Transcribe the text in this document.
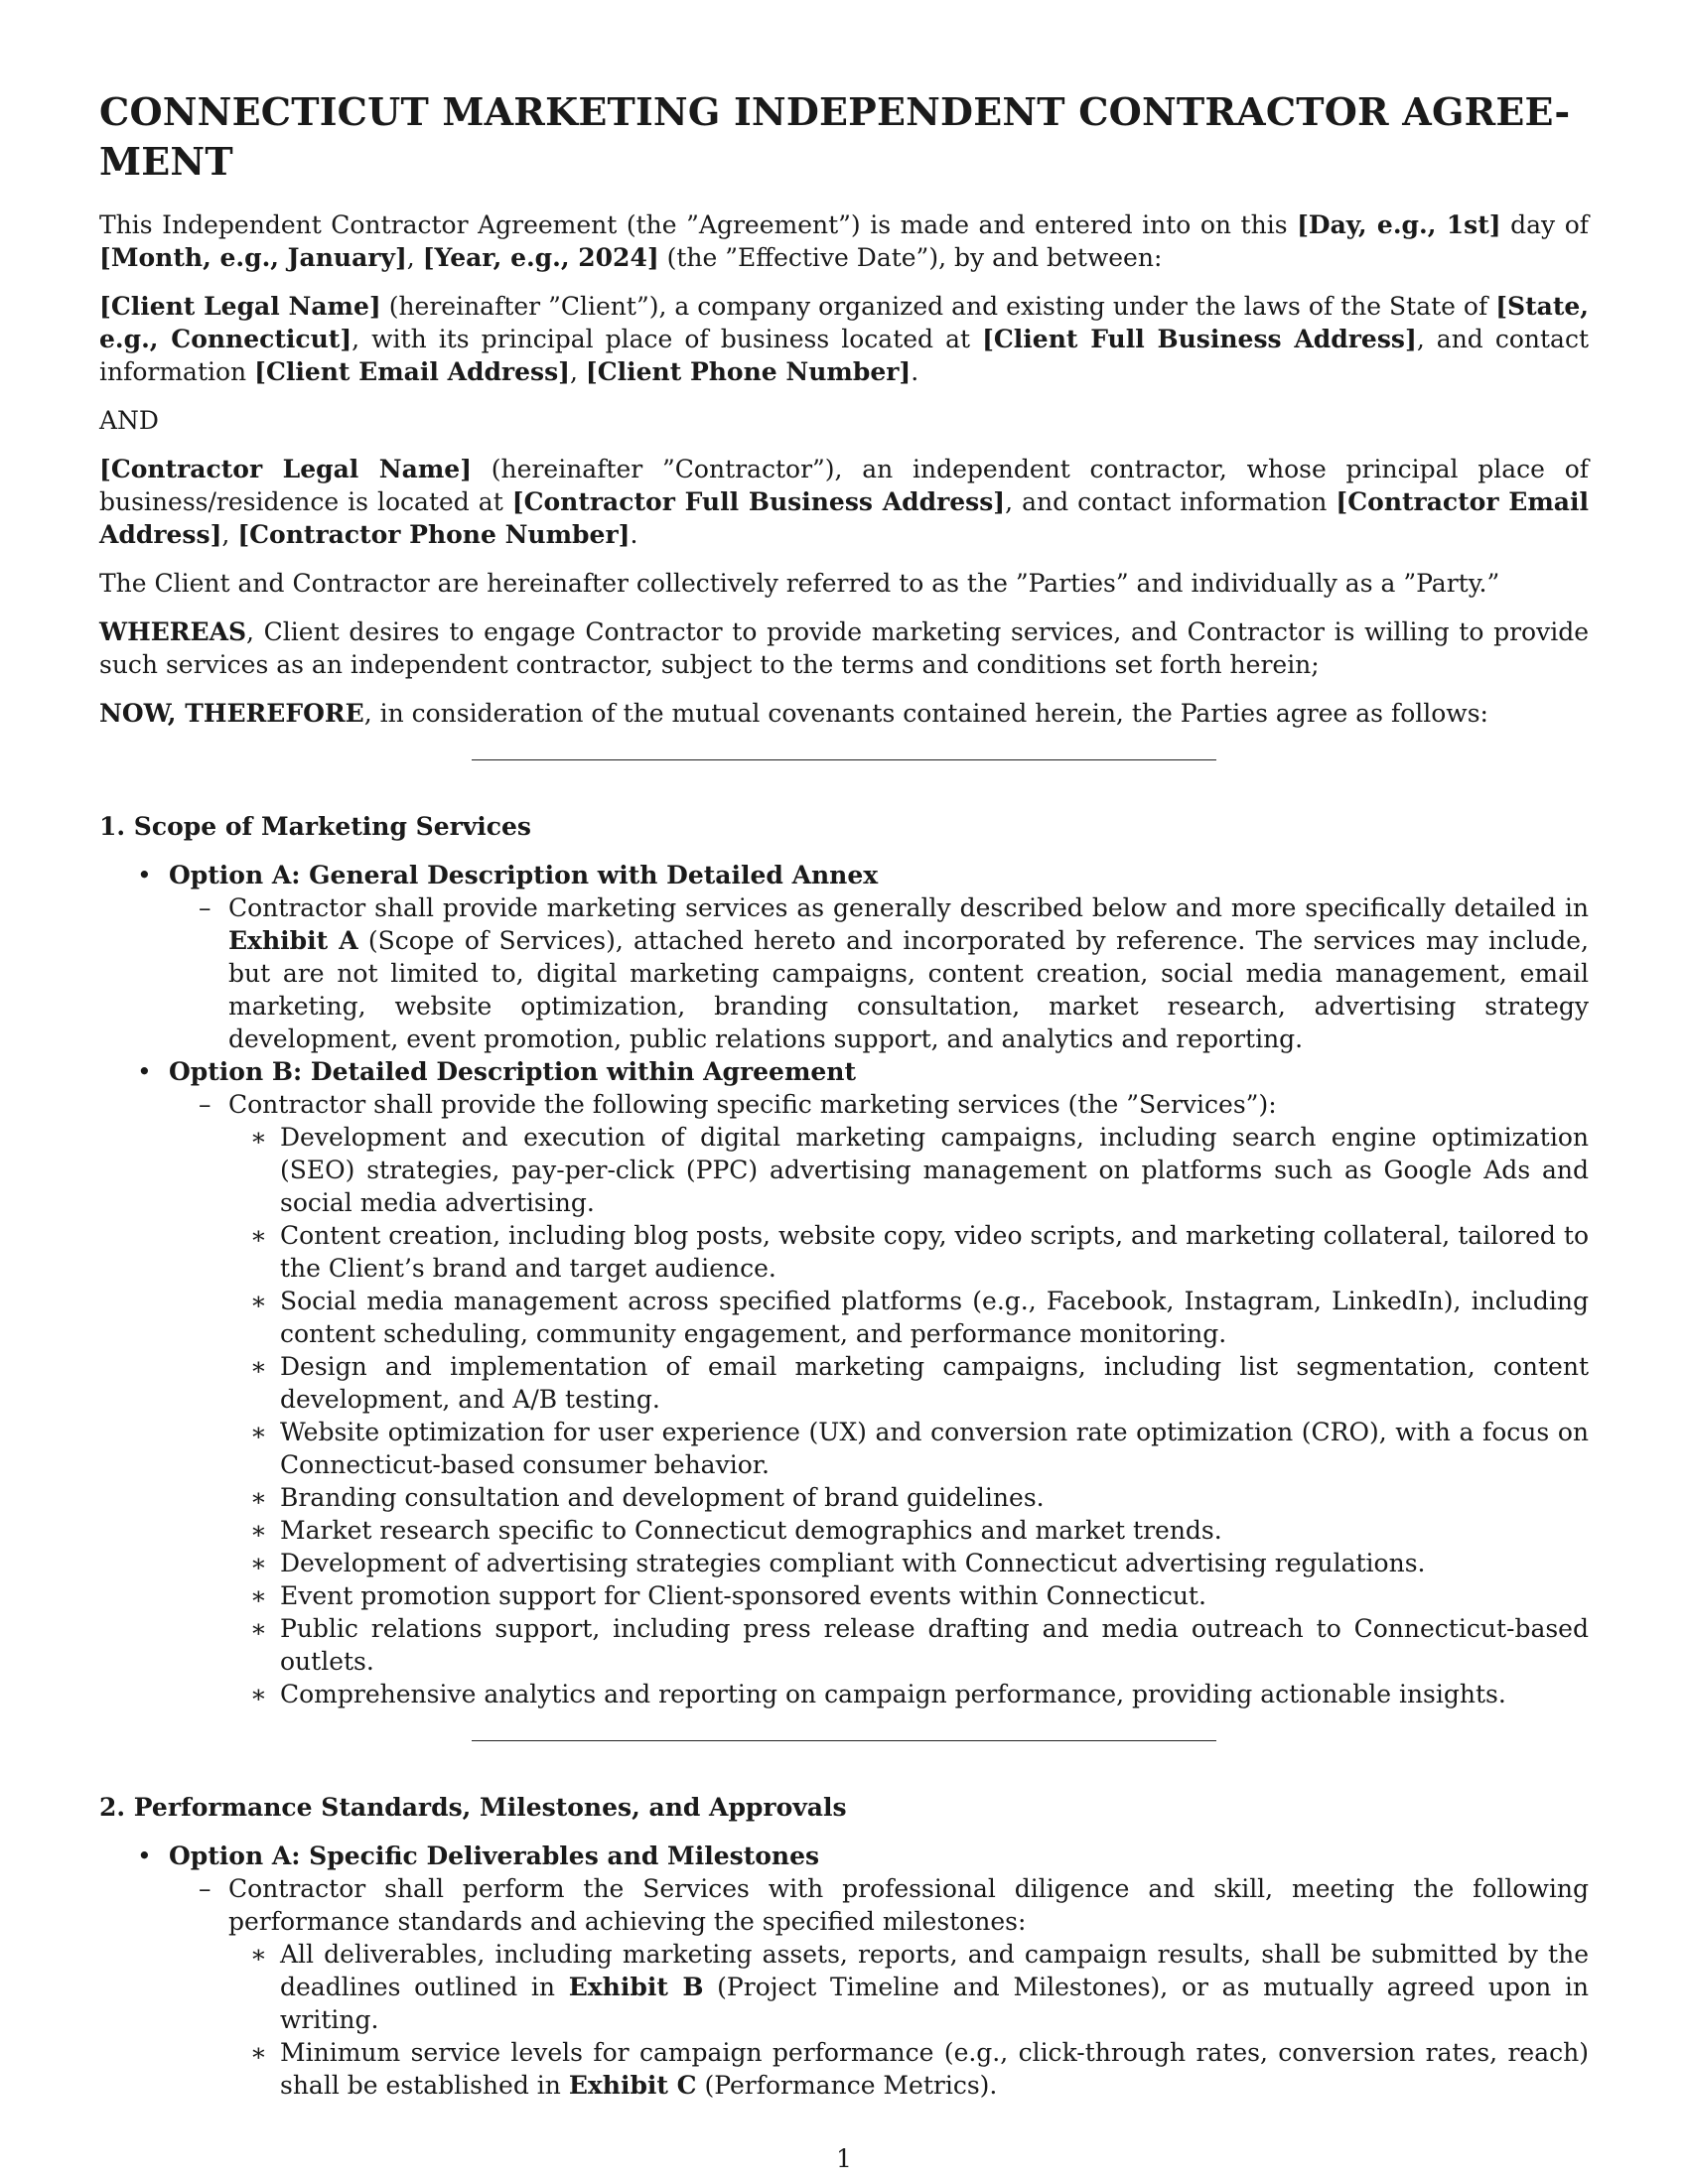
CONNECTICUT MARKETING INDEPENDENT CONTRACTOR AGREE-
MENT

This Independent Contractor Agreement (the ”Agreement”) is made and entered into on this [Day, e.g., 1st] day of [Month, e.g., January], [Year, e.g., 2024] (the ”Effective Date”), by and between:

[Client Legal Name] (hereinafter ”Client”), a company organized and existing under the laws of the State of [State, e.g., Connecticut], with its principal place of business located at [Client Full Business Address], and contact information [Client Email Address], [Client Phone Number].

AND

[Contractor Legal Name] (hereinafter ”Contractor”), an independent contractor, whose principal place of business/residence is located at [Contractor Full Business Address], and contact information [Contractor Email Address], [Contractor Phone Number].

The Client and Contractor are hereinafter collectively referred to as the ”Parties” and individually as a ”Party.”

WHEREAS, Client desires to engage Contractor to provide marketing services, and Contractor is willing to provide such services as an independent contractor, subject to the terms and conditions set forth herein;

NOW, THEREFORE, in consideration of the mutual covenants contained herein, the Parties agree as follows:

1. Scope of Marketing Services
• Option A: General Description with Detailed Annex
– Contractor shall provide marketing services as generally described below and more specifically detailed in Exhibit A (Scope of Services), attached hereto and incorporated by reference. The services may include, but are not limited to, digital marketing campaigns, content creation, social media management, email marketing, website optimization, branding consultation, market research, advertising strategy development, event promotion, public relations support, and analytics and reporting.
• Option B: Detailed Description within Agreement
– Contractor shall provide the following specific marketing services (the ”Services”):
∗ Development and execution of digital marketing campaigns, including search engine optimization (SEO) strategies, pay-per-click (PPC) advertising management on platforms such as Google Ads and social media advertising.
∗ Content creation, including blog posts, website copy, video scripts, and marketing collateral, tailored to the Client’s brand and target audience.
∗ Social media management across specified platforms (e.g., Facebook, Instagram, LinkedIn), including content scheduling, community engagement, and performance monitoring.
∗ Design and implementation of email marketing campaigns, including list segmentation, content development, and A/B testing.
∗ Website optimization for user experience (UX) and conversion rate optimization (CRO), with a focus on Connecticut-based consumer behavior.
∗ Branding consultation and development of brand guidelines.
∗ Market research specific to Connecticut demographics and market trends.
∗ Development of advertising strategies compliant with Connecticut advertising regulations.
∗ Event promotion support for Client-sponsored events within Connecticut.
∗ Public relations support, including press release drafting and media outreach to Connecticut-based outlets.
∗ Comprehensive analytics and reporting on campaign performance, providing actionable insights.
2. Performance Standards, Milestones, and Approvals
• Option A: Specific Deliverables and Milestones
– Contractor shall perform the Services with professional diligence and skill, meeting the following performance standards and achieving the specified milestones:
∗ All deliverables, including marketing assets, reports, and campaign results, shall be submitted by the deadlines outlined in Exhibit B (Project Timeline and Milestones), or as mutually agreed upon in writing.
∗ Minimum service levels for campaign performance (e.g., click-through rates, conversion rates, reach) shall be established in Exhibit C (Performance Metrics).
1
